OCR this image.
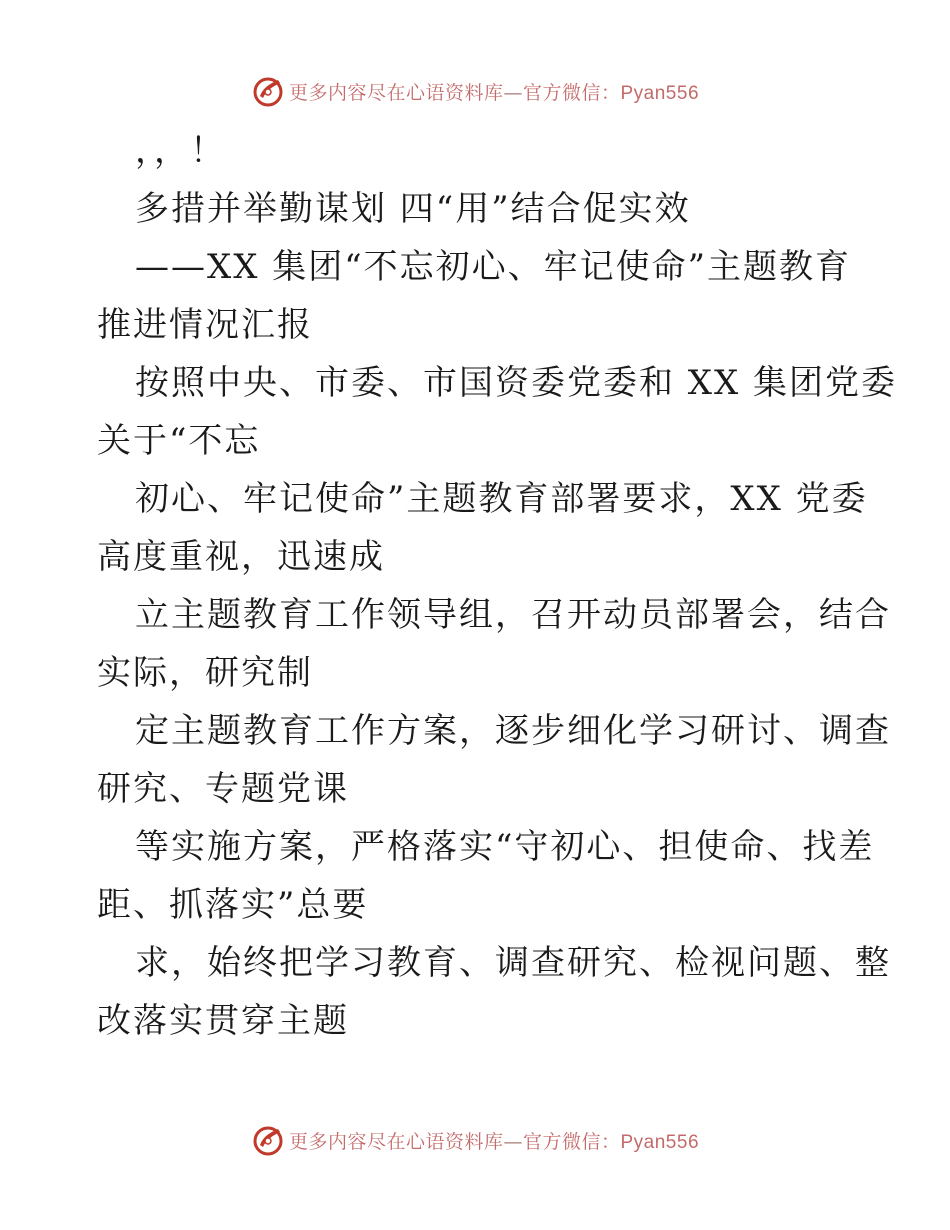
更多内容尽在心语资料库—官方微信：Pyan556
，，！
多措并举勤谋划 四“用”结合促实效
——XX 集团“不忘初心、牢记使命”主题教育
推进情况汇报
按照中央、市委、市国资委党委和 XX 集团党委
关于“不忘
初心、牢记使命”主题教育部署要求，XX 党委
高度重视，迅速成
立主题教育工作领导组，召开动员部署会，结合
实际，研究制
定主题教育工作方案，逐步细化学习研讨、调查
研究、专题党课
等实施方案，严格落实“守初心、担使命、找差
距、抓落实”总要
求，始终把学习教育、调查研究、检视问题、整
改落实贯穿主题
更多内容尽在心语资料库—官方微信：Pyan556
